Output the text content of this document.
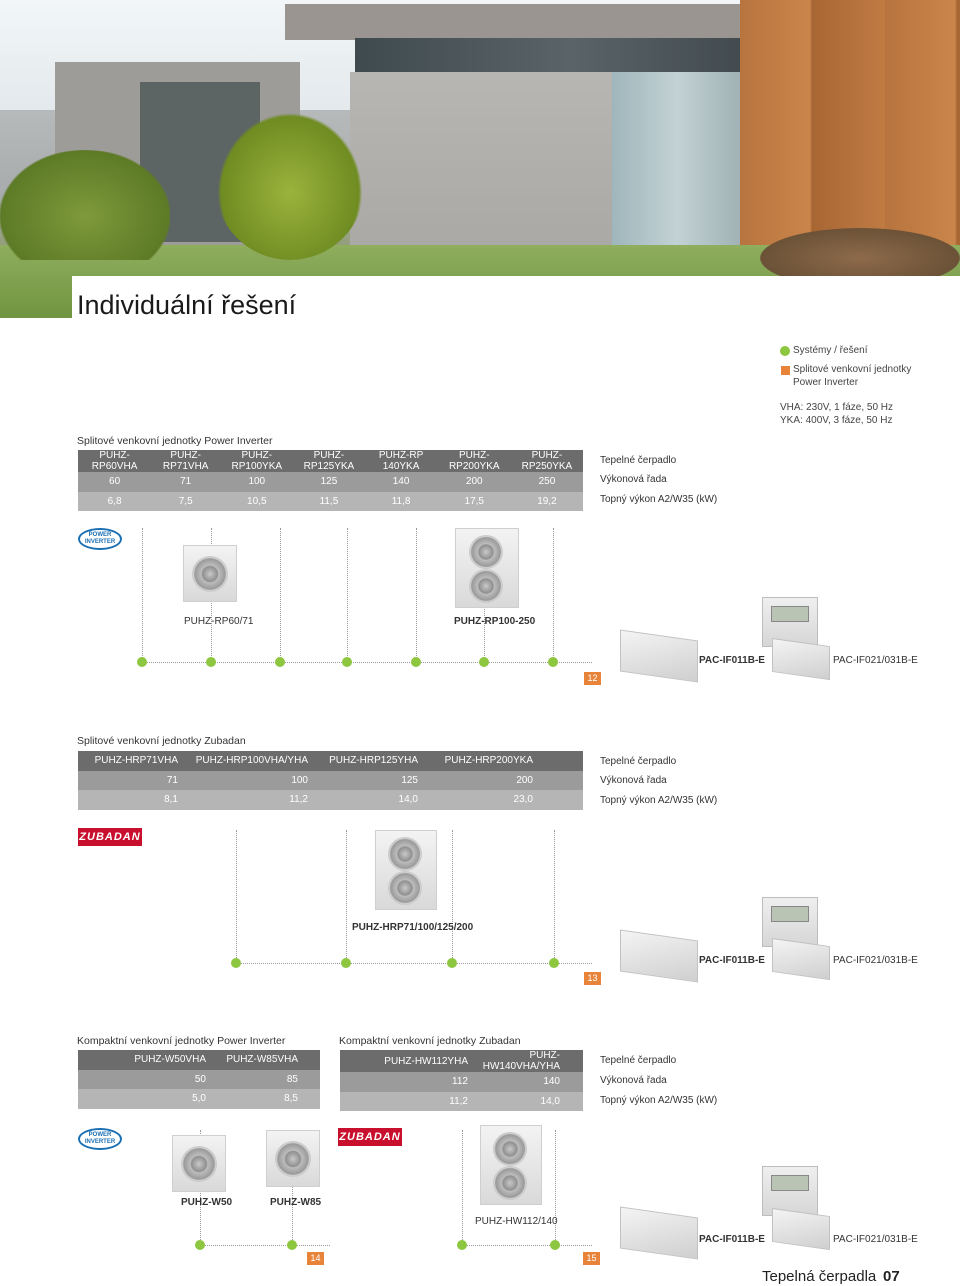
Individuální řešení
Systémy / řešení
Splitové venkovní jednotky
Power Inverter
VHA: 230V, 1 fáze, 50 Hz
YKA: 400V, 3 fáze, 50 Hz
Splitové venkovní jednotky Power Inverter
PUHZ-RP60VHA	PUHZ-RP71VHA	PUHZ-RP100YKA	PUHZ-RP125YKA	PUHZ-RP 140YKA	PUHZ-RP200YKA	PUHZ-RP250YKA
60	71	100	125	140	200	250
6,8	7,5	10,5	11,5	11,8	17,5	19,2
Tepelné čerpadlo
Výkonová řada
Topný výkon A2/W35 (kW)
POWER INVERTER
PUHZ-RP60/71	PUHZ-RP100-250
PAC-IF011B-E	PAC-IF021/031B-E
12
Splitové venkovní jednotky Zubadan
PUHZ-HRP71VHA	PUHZ-HRP100VHA/YHA	PUHZ-HRP125YHA	PUHZ-HRP200YKA	
71	100	125	200	
8,1	11,2	14,0	23,0	
Tepelné čerpadlo
Výkonová řada
Topný výkon A2/W35 (kW)
ZUBADAN
PUHZ-HRP71/100/125/200
PAC-IF011B-E	PAC-IF021/031B-E
13
Kompaktní venkovní jednotky Power Inverter	Kompaktní venkovní jednotky Zubadan
PUHZ-W50VHA	PUHZ-W85VHA	
50	85	
5,0	8,5	
PUHZ-HW112YHA	PUHZ-HW140VHA/YHA	
112	140	
11,2	14,0	
Tepelné čerpadlo
Výkonová řada
Topný výkon A2/W35 (kW)
POWER INVERTER	ZUBADAN
PUHZ-W50	PUHZ-W85
PUHZ-HW112/140
PAC-IF011B-E	PAC-IF021/031B-E
14	15
Tepelná čerpadla 07
